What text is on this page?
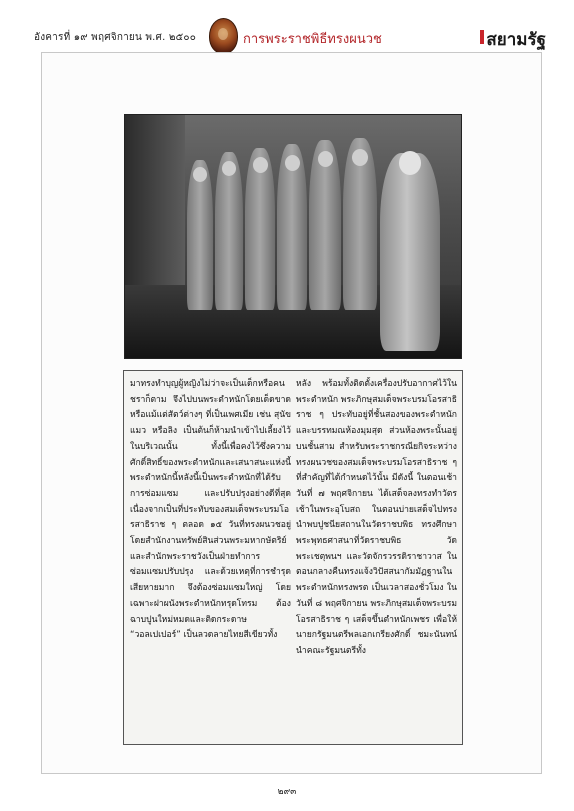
อังคารที่ ๑๙ พฤศจิกายน พ.ศ. ๒๕๐๐	การพระราชพิธีทรงผนวช	สยามรัฐ

มาทรงทำบุญผู้หญิงไม่ว่าจะเป็นเด็กหรือคนชราก็ตาม จึงไปบนพระตำหนักโดยเด็ดขาดหรือแม้แต่สัตว์ต่างๆ ที่เป็นเพศเมีย เช่น สุนัข แมว หรือลิง เป็นต้นก็ห้ามนำเข้าไปเลี้ยงไว้ในบริเวณนั้น ทั้งนี้เพื่อคงไว้ซึ่งความศักดิ์สิทธิ์ของพระตำหนักและเสนาสนะแห่งนี้ พระตำหนักนี้หลังนี้เป็นพระตำหนักที่ได้รับการซ่อมแซม และปรับปรุงอย่างดีที่สุด เนื่องจากเป็นที่ประทับของสมเด็จพระบรมโอรสาธิราช ๆ ตลอด ๑๕ วันที่ทรงผนวชอยู่ โดยสำนักงานทรัพย์สินส่วนพระมหากษัตริย์ และสำนักพระราชวังเป็นฝ่ายทำการซ่อมแซมปรับปรุง และด้วยเหตุที่การชำรุดเสียหายมาก จึงต้องซ่อมแซมใหญ่ โดยเฉพาะฝาผนังพระตำหนักทรุดโทรม ต้องฉาบปูนใหม่หมดและติดกระดาษ “วอลเปเปอร์” เป็นลวดลายไทยสีเขียวทั้ง

หลัง พร้อมทั้งติดตั้งเครื่องปรับอากาศไว้ในพระตำหนัก พระภิกษุสมเด็จพระบรมโอรสาธิราช ๆ ประทับอยู่ที่ชั้นสองของพระตำหนักและบรรทมณห้องมุมสุด ส่วนห้องพระนั้นอยู่บนชั้นสาม สำหรับพระราชกรณียกิจระหว่างทรงผนวชของสมเด็จพระบรมโอรสาธิราช ๆ ที่สำคัญที่ได้กำหนดไว้นั้น มีดังนี้ ในตอนเช้าวันที่ ๗ พฤศจิกายน ได้เสด็จลงทรงทำวัตรเช้าในพระอุโบสถ ในตอนบ่ายเสด็จไปทรงนำพบปูชนียสถานในวัดราชบพิธ ทรงศึกษาพระพุทธศาสนาที่วัดราชบพิธ วัดพระเชตุพนฯ และวัดจักรวรรดิราชาวาส ในตอนกลางคืนทรงแจ้งวิปัสสนากัมมัฏฐานในพระตำหนักทรงพรต เป็นเวลาสองชั่วโมง ในวันที่ ๘ พฤศจิกายน พระภิกษุสมเด็จพระบรมโอรสาธิราช ๆ เสด็จขึ้นตำหนักเพชร เพื่อให้นายกรัฐมนตรีพลเอกเกรียงศักดิ์ ชมะนันทน์ นำคณะรัฐมนตรีทั้ง

๒๙๓
